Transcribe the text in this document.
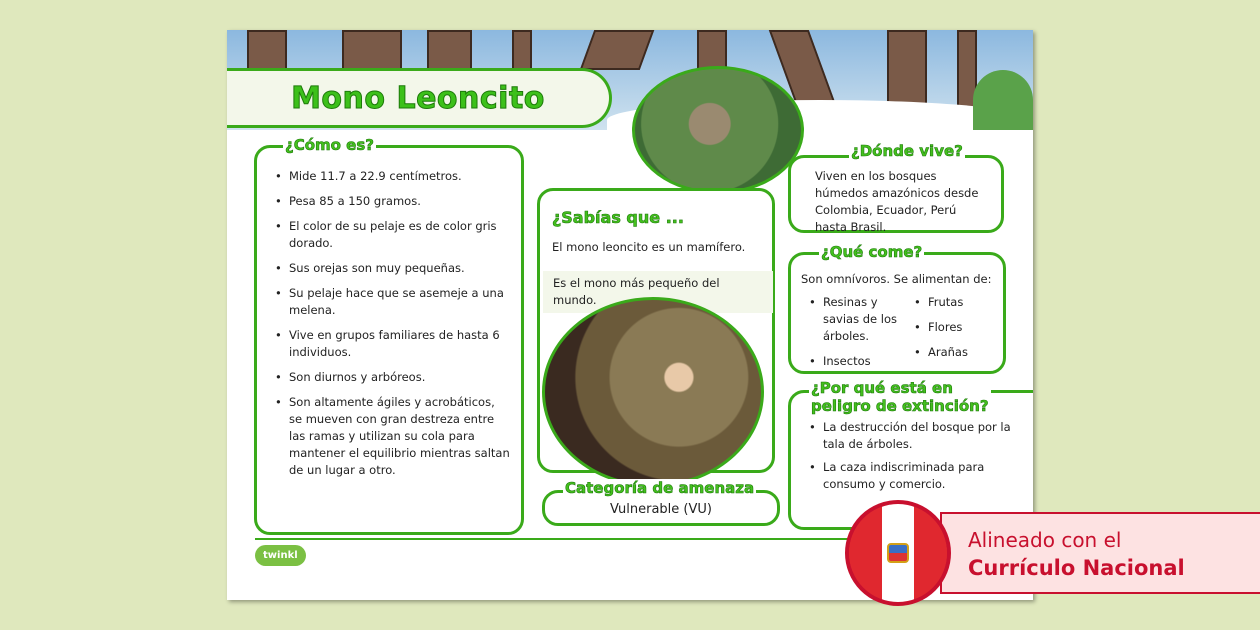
Mono Leoncito
¿Cómo es?
• Mide 11.7 a 22.9 centímetros.
• Pesa 85 a 150 gramos.
• El color de su pelaje es de color gris dorado.
• Sus orejas son muy pequeñas.
• Su pelaje hace que se asemeje a una melena.
• Vive en grupos familiares de hasta 6 individuos.
• Son diurnos y arbóreos.
• Son altamente ágiles y acrobáticos, se mueven con gran destreza entre las ramas y utilizan su cola para mantener el equilibrio mientras saltan de un lugar a otro.
¿Sabías que ...
El mono leoncito es un mamífero.
Es el mono más pequeño del mundo.
Categoría de amenaza
Vulnerable (VU)
¿Dónde vive?
Viven en los bosques húmedos amazónicos desde Colombia, Ecuador, Perú hasta Brasil.
¿Qué come?
Son omnívoros. Se alimentan de:
• Resinas y savias de los árboles.
• Insectos
• Frutas
• Flores
• Arañas
¿Por qué está en
peligro de extinción?
• La destrucción del bosque por la tala de árboles.
• La caza indiscriminada para consumo y comercio.
twinkl
Alineado con el
Currículo Nacional
